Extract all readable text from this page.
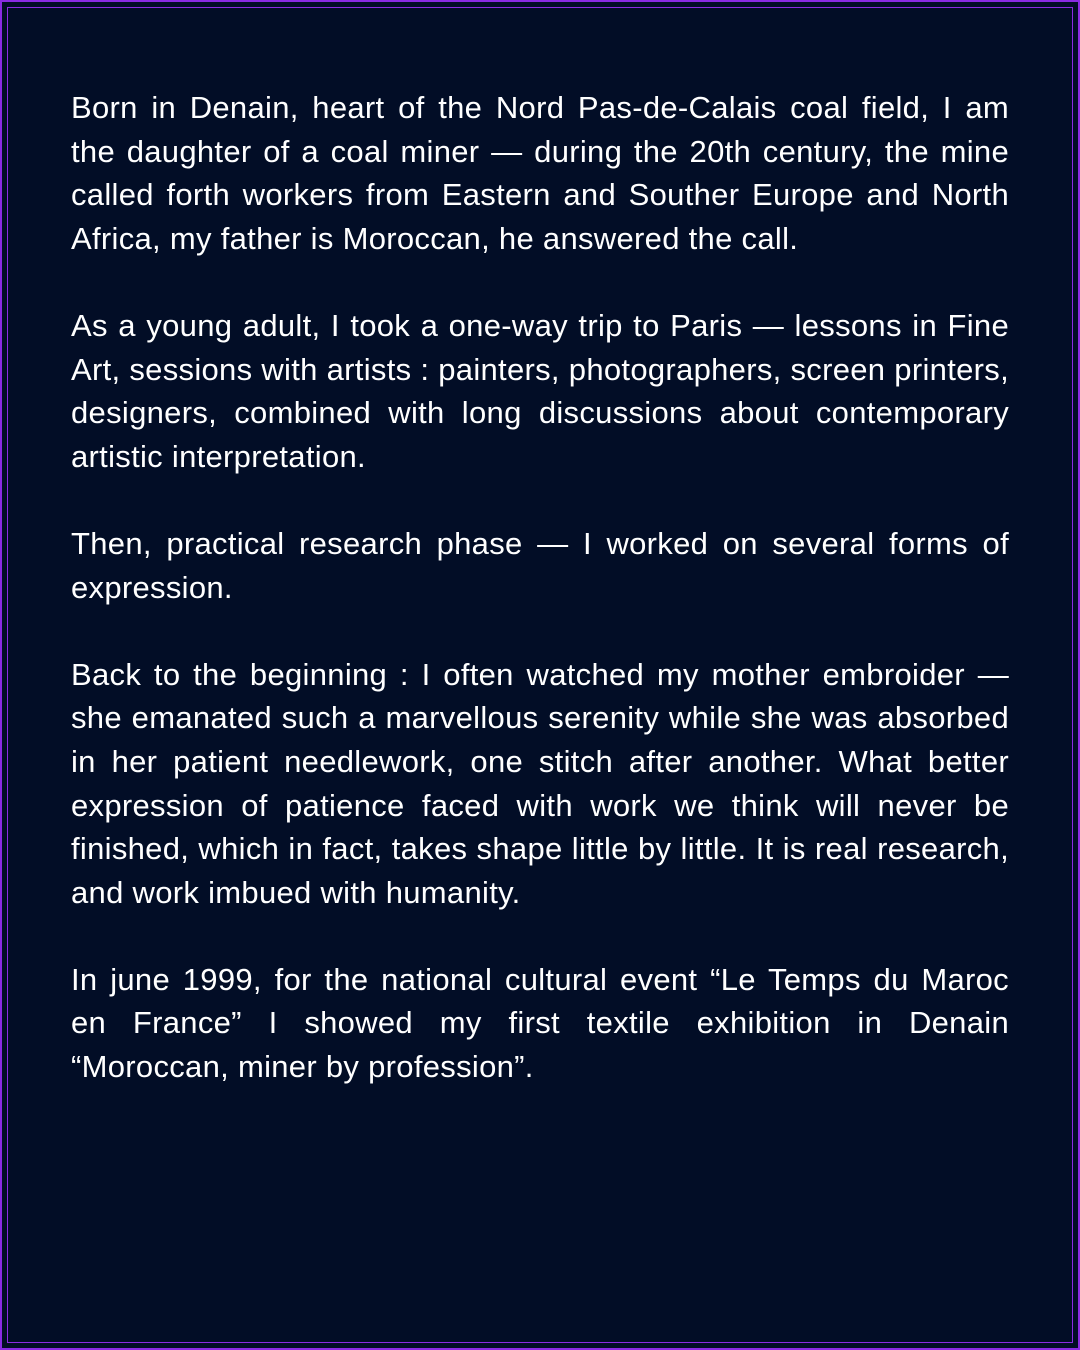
Born in Denain, heart of the Nord Pas-de-Calais coal field, I am the daughter of a coal miner — during the 20th century, the mine called forth workers from Eastern and Souther Europe and North Africa, my father is Moroccan, he answered the call.

As a young adult, I took a one-way trip to Paris — lessons in Fine Art, sessions with artists : painters, photographers, screen printers, designers, combined with long discussions about contemporary artistic interpretation.

Then, practical research phase — I worked on several forms of expression.

Back to the beginning : I often watched my mother embroider — she emanated such a marvellous serenity while she was absorbed in her patient needlework, one stitch after another. What better expression of patience faced with work we think will never be finished, which in fact, takes shape little by little. It is real research, and work imbued with humanity.

In june 1999, for the national cultural event “Le Temps du Maroc en France” I showed my first textile exhibition in Denain “Moroccan, miner by profession”.
